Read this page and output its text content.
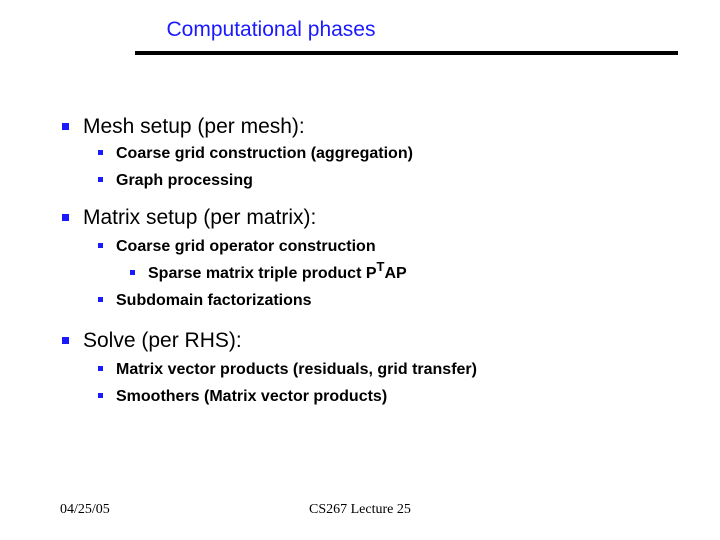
Computational phases
Mesh setup (per mesh):
Coarse grid construction (aggregation)
Graph processing
Matrix setup (per matrix):
Coarse grid operator construction
Sparse matrix triple product $P^TAP$
Subdomain factorizations
Solve (per RHS):
Matrix vector products (residuals, grid transfer)
Smoothers (Matrix vector products)
04/25/05	CS267 Lecture 25
